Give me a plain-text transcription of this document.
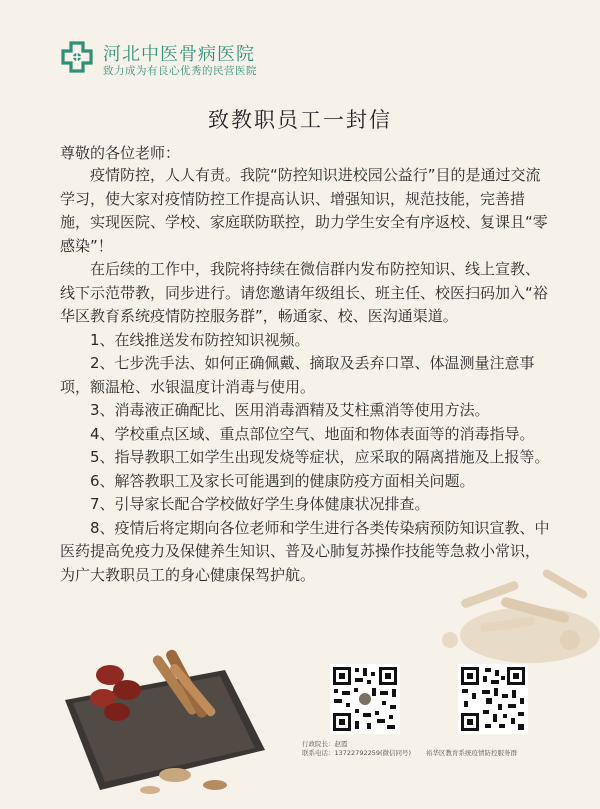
河北中医骨病医院
致力成为有良心优秀的民营医院
致教职员工一封信
尊敬的各位老师：

疫情防控，人人有责。我院“防控知识进校园公益行”目的是通过交流学习，使大家对疫情防控工作提高认识、增强知识，规范技能，完善措施，实现医院、学校、家庭联防联控，助力学生安全有序返校、复课且“零感染”！

在后续的工作中，我院将持续在微信群内发布防控知识、线上宣教、线下示范带教，同步进行。请您邀请年级组长、班主任、校医扫码加入“裕华区教育系统疫情防控服务群”，畅通家、校、医沟通渠道。

1、在线推送发布防控知识视频。

2、七步洗手法、如何正确佩戴、摘取及丢弃口罩、体温测量注意事项，额温枪、水银温度计消毒与使用。

3、消毒液正确配比、医用消毒酒精及艾柱熏消等使用方法。

4、学校重点区域、重点部位空气、地面和物体表面等的消毒指导。

5、指导教职工如学生出现发烧等症状，应采取的隔离措施及上报等。

6、解答教职工及家长可能遇到的健康防疫方面相关问题。

7、引导家长配合学校做好学生身体健康状况排查。

8、疫情后将定期向各位老师和学生进行各类传染病预防知识宣教、中医药提高免疫力及保健养生知识、普及心肺复苏操作技能等急救小常识，为广大教职员工的身心健康保驾护航。

行政院长：赵霞
联系电话：13722792259(微信同号) 裕华区教育系统疫情防控服务群
